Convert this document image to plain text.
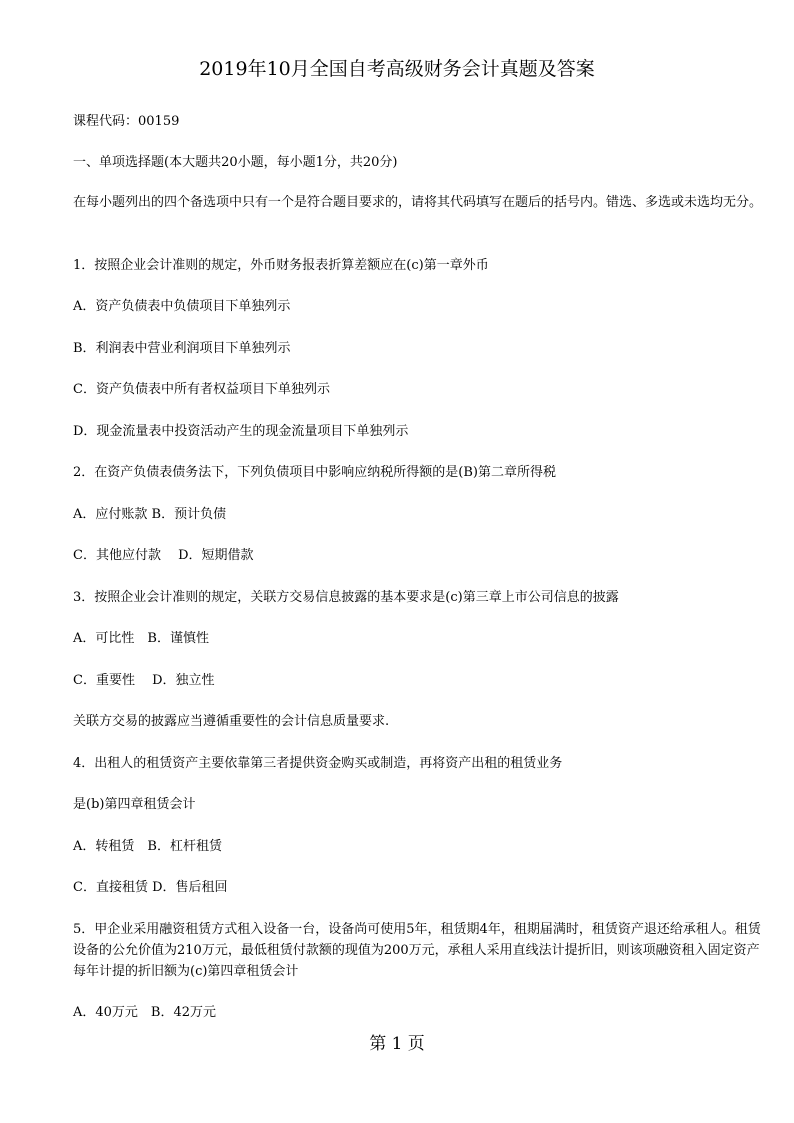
2019年10月全国自考高级财务会计真题及答案
课程代码：00159
一、单项选择题(本大题共20小题，每小题1分，共20分)
在每小题列出的四个备选项中只有一个是符合题目要求的，请将其代码填写在题后的括号内。错选、多选或未选均无分。
1．按照企业会计准则的规定，外币财务报表折算差额应在(c)第一章外币
A．资产负债表中负债项目下单独列示
B．利润表中营业利润项目下单独列示
C．资产负债表中所有者权益项目下单独列示
D．现金流量表中投资活动产生的现金流量项目下单独列示
2．在资产负债表债务法下，下列负债项目中影响应纳税所得额的是(B)第二章所得税
A．应付账款 B．预计负债
C．其他应付款　 D．短期借款
3．按照企业会计准则的规定，关联方交易信息披露的基本要求是(c)第三章上市公司信息的披露
A．可比性　B．谨慎性
C．重要性　 D．独立性
关联方交易的披露应当遵循重要性的会计信息质量要求.
4．出租人的租赁资产主要依靠第三者提供资金购买或制造，再将资产出租的租赁业务
是(b)第四章租赁会计
A．转租赁　B．杠杆租赁
C．直接租赁 D．售后租回
5．甲企业采用融资租赁方式租入设备一台，设备尚可使用5年，租赁期4年，租期届满时，租赁资产退还给承租人。租赁设备的公允价值为210万元，最低租赁付款额的现值为200万元，承租人采用直线法计提折旧，则该项融资租入固定资产每年计提的折旧额为(c)第四章租赁会计
A．40万元　B．42万元
第 1 页
